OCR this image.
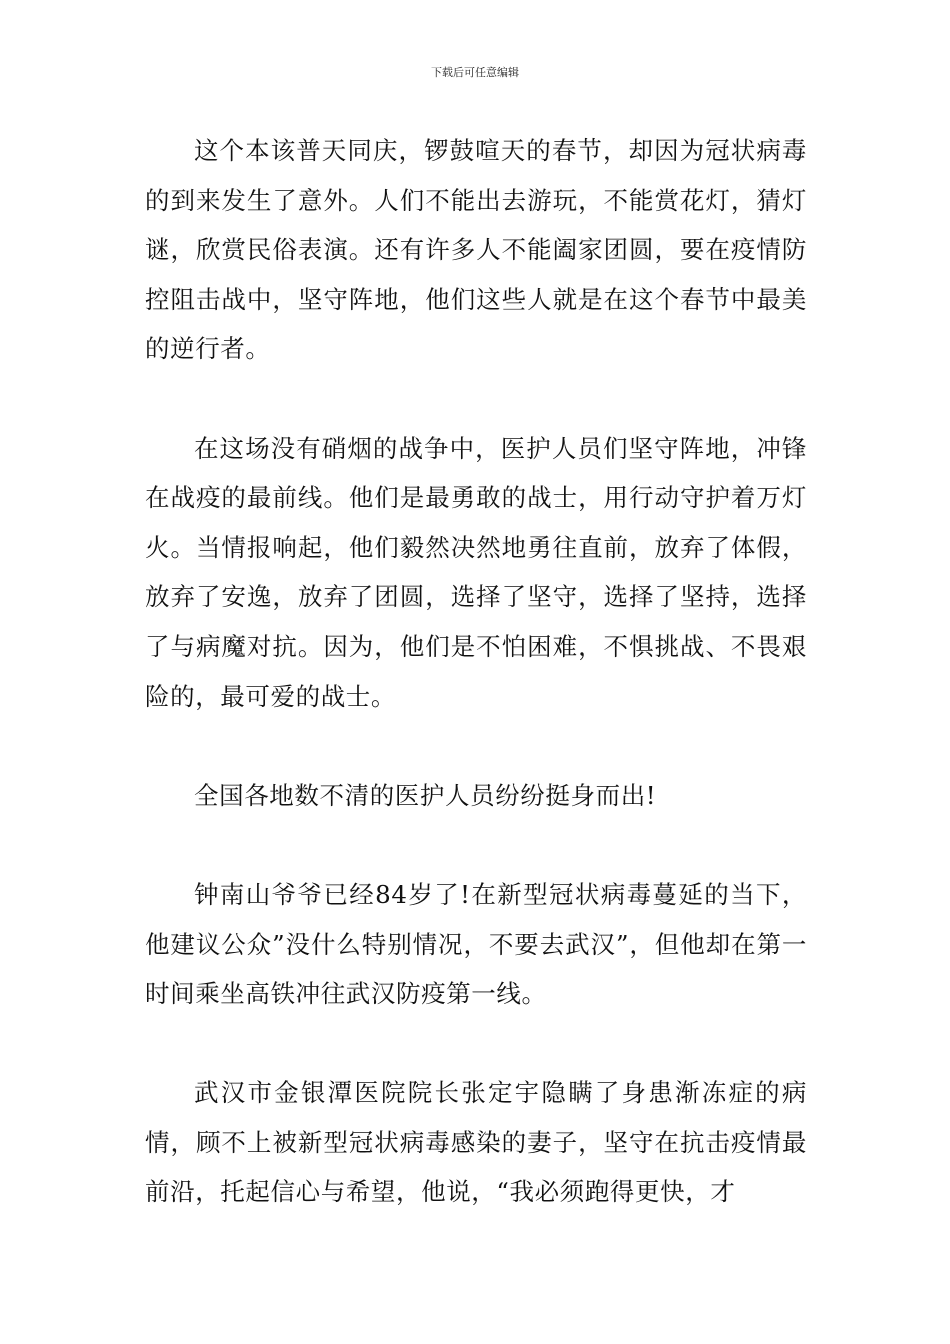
下载后可任意编辑

这个本该普天同庆，锣鼓喧天的春节，却因为冠状病毒的到来发生了意外。人们不能出去游玩，不能赏花灯，猜灯谜，欣赏民俗表演。还有许多人不能阖家团圆，要在疫情防控阻击战中，坚守阵地，他们这些人就是在这个春节中最美的逆行者。

在这场没有硝烟的战争中，医护人员们坚守阵地，冲锋在战疫的最前线。他们是最勇敢的战士，用行动守护着万灯火。当情报响起，他们毅然决然地勇往直前，放弃了体假，放弃了安逸，放弃了团圆，选择了坚守，选择了坚持，选择了与病魔对抗。因为，他们是不怕困难，不惧挑战、不畏艰险的，最可爱的战士。

全国各地数不清的医护人员纷纷挺身而出!

钟南山爷爷已经84岁了!在新型冠状病毒蔓延的当下，他建议公众”没什么特别情况，不要去武汉”，但他却在第一时间乘坐高铁冲往武汉防疫第一线。

武汉市金银潭医院院长张定宇隐瞒了身患渐冻症的病情，顾不上被新型冠状病毒感染的妻子，坚守在抗击疫情最前沿，托起信心与希望，他说，“我必须跑得更快，才
